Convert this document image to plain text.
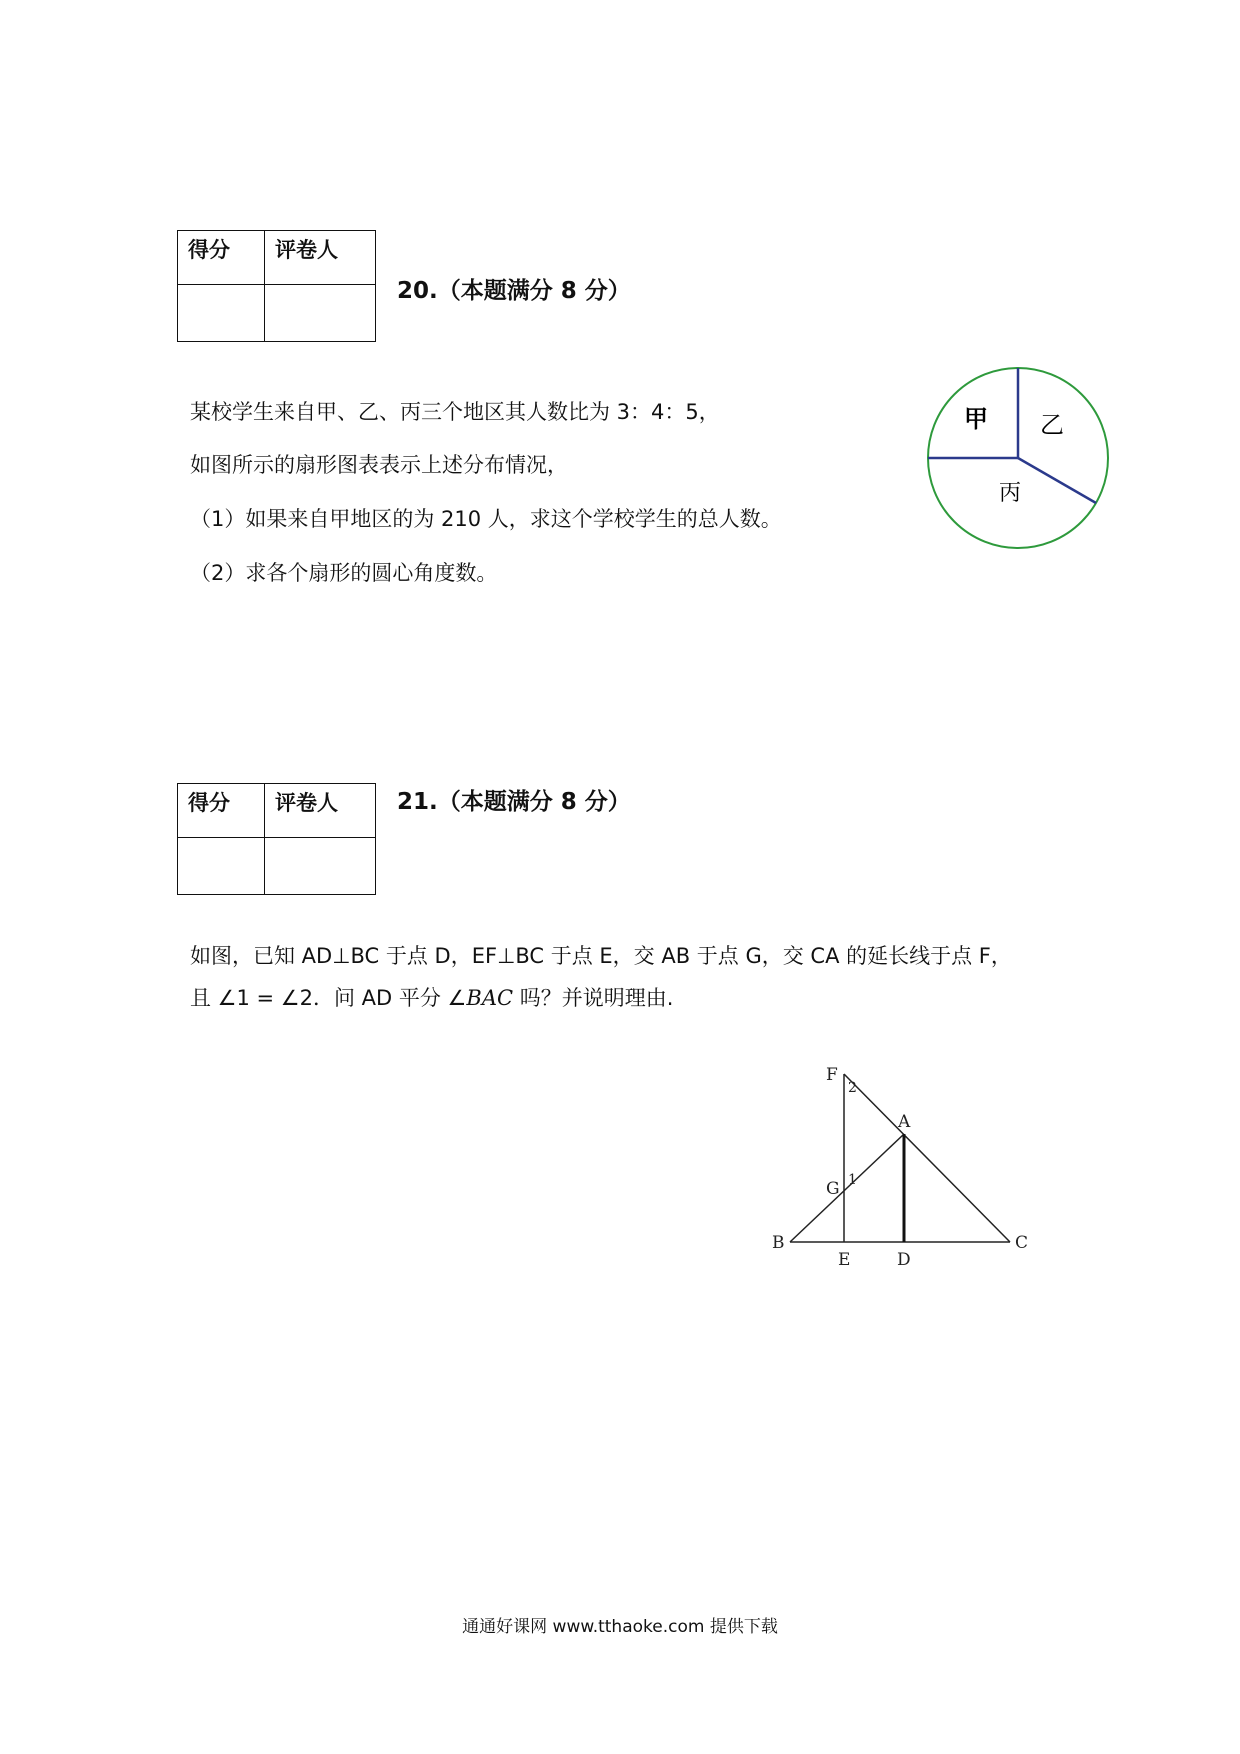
得分	评卷人

20.（本题满分 8 分）

某校学生来自甲、乙、丙三个地区其人数比为 3：4：5，

如图所示的扇形图表表示上述分布情况，

（1）如果来自甲地区的为 210 人，求这个学校学生的总人数。

（2）求各个扇形的圆心角度数。

甲 乙
丙
得分	评卷人
		21.（本题满分 8 分）

如图，已知 AD⊥BC 于点 D，EF⊥BC 于点 E，交 AB 于点 G，交 CA 的延长线于点 F，

且 ∠1 = ∠2．问 AD 平分 ∠BAC 吗？并说明理由.

F
2
A
G 1
B
E	D
C
通通好课网 www.tthaoke.com 提供下载
